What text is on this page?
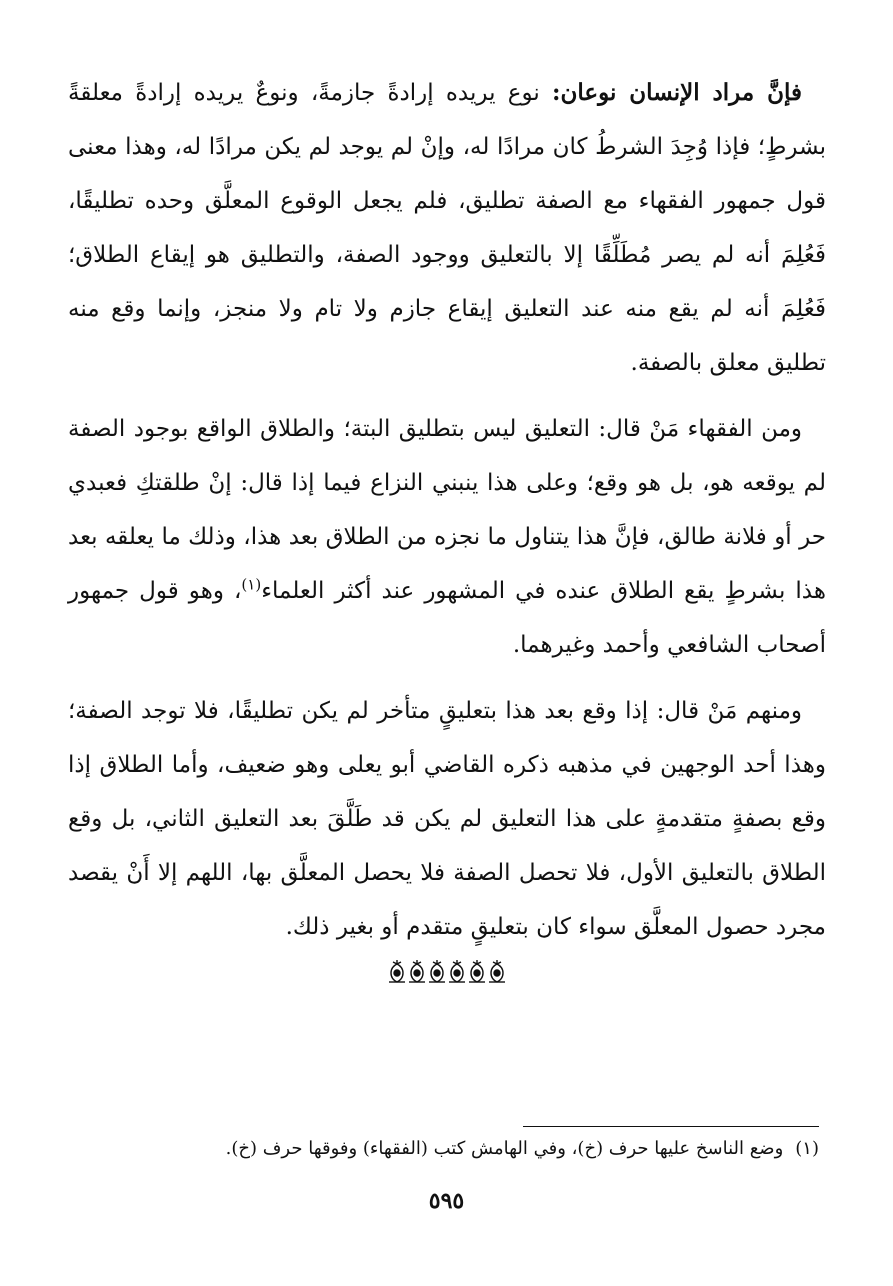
فإنَّ مراد الإنسان نوعان: نوع يريده إرادةً جازمةً، ونوعٌ يريده إرادةً معلقةً بشرطٍ؛ فإذا وُجِدَ الشرطُ كان مرادًا له، وإنْ لم يوجد لم يكن مرادًا له، وهذا معنى قول جمهور الفقهاء مع الصفة تطليق، فلم يجعل الوقوع المعلَّق وحده تطليقًا، فَعُلِمَ أنه لم يصر مُطَلِّقًا إلا بالتعليق ووجود الصفة، والتطليق هو إيقاع الطلاق؛ فَعُلِمَ أنه لم يقع منه عند التعليق إيقاع جازم ولا تام ولا منجز، وإنما وقع منه تطليق معلق بالصفة.

ومن الفقهاء مَنْ قال: التعليق ليس بتطليق البتة؛ والطلاق الواقع بوجود الصفة لم يوقعه هو، بل هو وقع؛ وعلى هذا ينبني النزاع فيما إذا قال: إنْ طلقتكِ فعبدي حر أو فلانة طالق، فإنَّ هذا يتناول ما نجزه من الطلاق بعد هذا، وذلك ما يعلقه بعد هذا بشرطٍ يقع الطلاق عنده في المشهور عند أكثر العلماء$^{(١)}$، وهو قول جمهور أصحاب الشافعي وأحمد وغيرهما.

ومنهم مَنْ قال: إذا وقع بعد هذا بتعليقٍ متأخر لم يكن تطليقًا، فلا توجد الصفة؛ وهذا أحد الوجهين في مذهبه ذكره القاضي أبو يعلى وهو ضعيف، وأما الطلاق إذا وقع بصفةٍ متقدمةٍ على هذا التعليق لم يكن قد طَلَّقَ بعد التعليق الثاني، بل وقع الطلاق بالتعليق الأول، فلا تحصل الصفة فلا يحصل المعلَّق بها، اللهم إلا أَنْ يقصد مجرد حصول المعلَّق سواء كان بتعليقٍ متقدم أو بغير ذلك.

(١)وضع الناسخ عليها حرف (خ)، وفي الهامش كتب (الفقهاء) وفوقها حرف (خ).
٥٩٥
